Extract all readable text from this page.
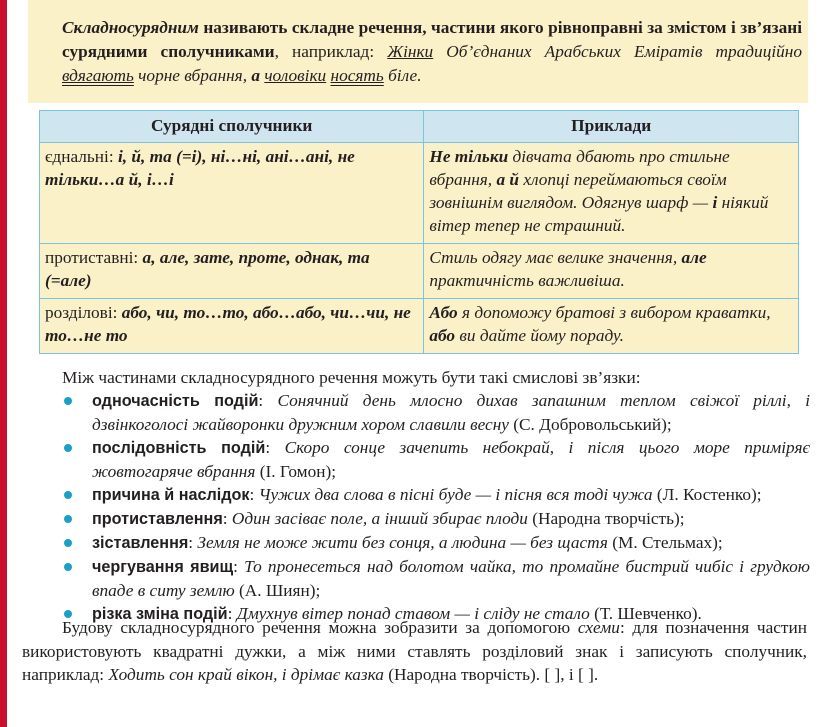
Складносурядним називають складне речення, частини якого рівноправні за змістом і зв’язані сурядними сполучниками, наприклад: Жінки Об’єднаних Арабських Еміратів традиційно вдягають чорне вбрання, а чоловіки носять біле.
Сурядні сполучники	Приклади
єднальні: і, й, та (=і), ні…ні, ані…ані, не тільки…а й, і…і	Не тільки дівчата дбають про стильне вбрання, а й хлопці переймаються своїм зовнішнім виглядом. Одягнув шарф — і ніякий вітер тепер не страшний.
протиставні: а, але, зате, проте, однак, та (=але)	Стиль одягу має велике значення, але практичність важливіша.
розділові: або, чи, то…то, або…або, чи…чи, не то…не то	Або я допоможу братові з вибором краватки, або ви дайте йому пораду.
Між частинами складносурядного речення можуть бути такі смислові зв’язки:
одночасність подій: Сонячний день млосно дихав запашним теплом свіжої ріллі, і дзвінкоголосі жайворонки дружним хором славили весну (С. Добровольський);
послідовність подій: Скоро сонце зачепить небокрай, і після цього море приміряє жовтогаряче вбрання (І. Гомон);
причина й наслідок: Чужих два слова в пісні буде — і пісня вся тоді чужа (Л. Костенко);
протиставлення: Один засіває поле, а інший збирає плоди (Народна творчість);
зіставлення: Земля не може жити без сонця, а людина — без щастя (М. Стельмах);
чергування явищ: То пронесеться над болотом чайка, то промайне бистрий чибіс і грудкою впаде в ситу землю (А. Шиян);
різка зміна подій: Дмухнув вітер понад ставом — і сліду не стало (Т. Шевченко).
Будову складносурядного речення можна зобразити за допомогою схеми: для позначення частин використовують квадратні дужки, а між ними ставлять розділовий знак і записують сполучник, наприклад: Ходить сон край вікон, і дрімає казка (Народна творчість). [ ], і [ ].
